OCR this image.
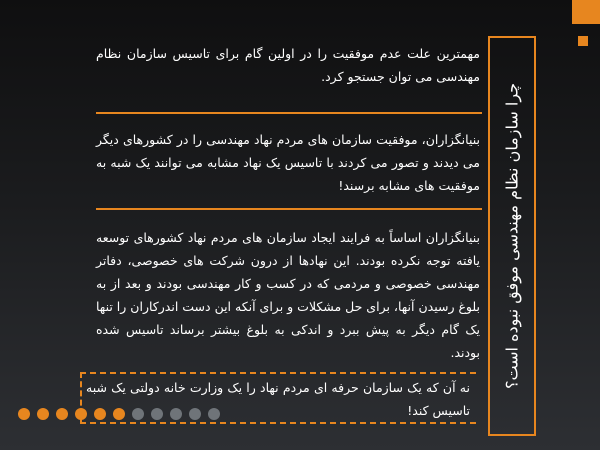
چرا سازمان نظام مهندسی موفق نبوده است؟
مهمترین علت عدم موفقیت را در اولین گام برای تاسیس سازمان نظام مهندسی می توان جستجو کرد.
بنیانگزاران، موفقیت سازمان های مردم نهاد مهندسی را در کشورهای دیگر می دیدند و تصور می کردند با تاسیس یک نهاد مشابه می توانند یک شبه به موفقیت های مشابه برسند!
بنیانگزاران اساساً به فرایند ایجاد سازمان های مردم نهاد کشورهای توسعه یافته توجه نکرده بودند. این نهادها از درون شرکت های خصوصی، دفاتر مهندسی خصوصی و مردمی که در کسب و کار مهندسی بودند و بعد از به بلوغ رسیدن آنها، برای حل مشکلات و برای آنکه این دست اندرکاران را تنها یک گام دیگر به پیش ببرد و اندکی به بلوغ بیشتر برساند تاسیس شده بودند.
نه آن که یک سازمان حرفه ای مردم نهاد را یک وزارت خانه دولتی یک شبه تاسیس کند!
